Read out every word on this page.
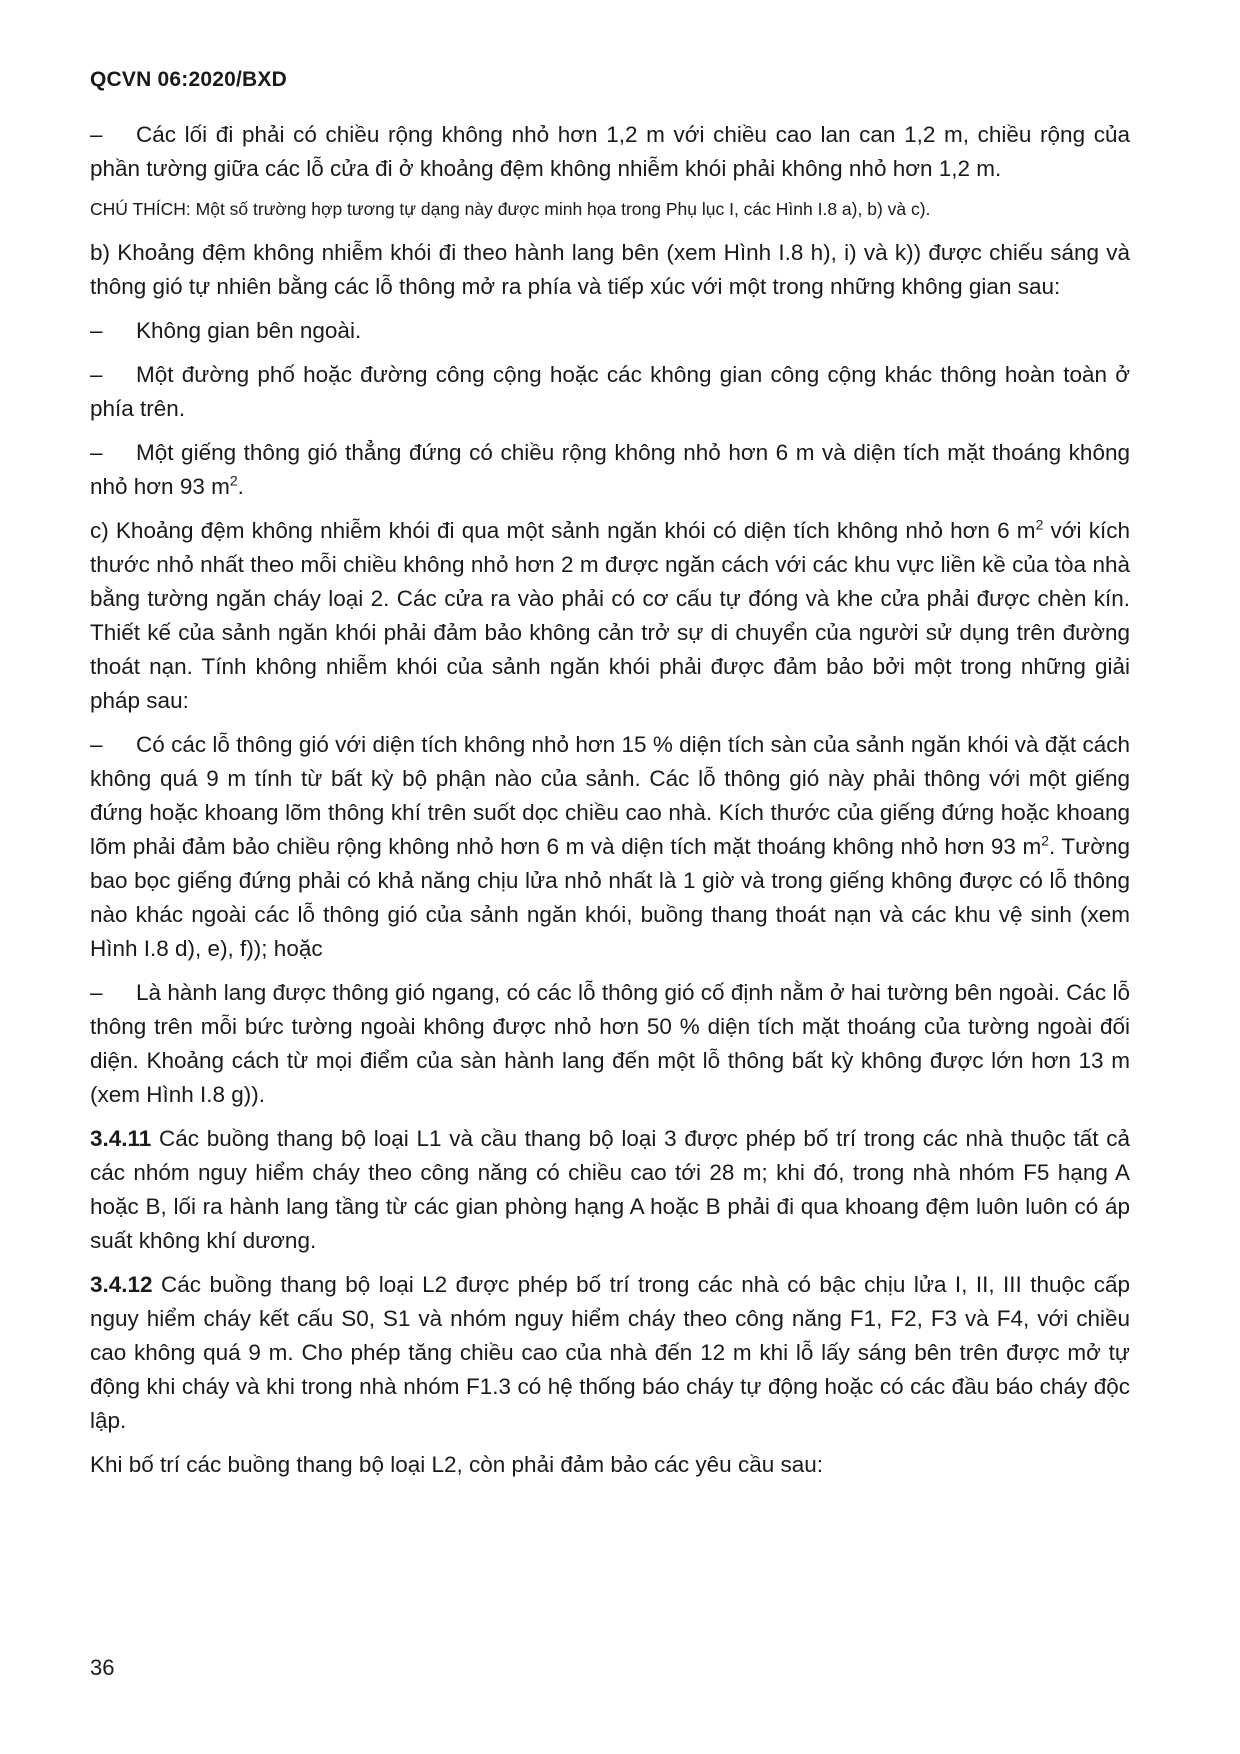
QCVN 06:2020/BXD

– Các lối đi phải có chiều rộng không nhỏ hơn 1,2 m với chiều cao lan can 1,2 m, chiều rộng của phần tường giữa các lỗ cửa đi ở khoảng đệm không nhiễm khói phải không nhỏ hơn 1,2 m.

CHÚ THÍCH: Một số trường hợp tương tự dạng này được minh họa trong Phụ lục I, các Hình I.8 a), b) và c).

b) Khoảng đệm không nhiễm khói đi theo hành lang bên (xem Hình I.8 h), i) và k)) được chiếu sáng và thông gió tự nhiên bằng các lỗ thông mở ra phía và tiếp xúc với một trong những không gian sau:

– Không gian bên ngoài.

– Một đường phố hoặc đường công cộng hoặc các không gian công cộng khác thông hoàn toàn ở phía trên.

– Một giếng thông gió thẳng đứng có chiều rộng không nhỏ hơn 6 m và diện tích mặt thoáng không nhỏ hơn 93 $m^2$.

c) Khoảng đệm không nhiễm khói đi qua một sảnh ngăn khói có diện tích không nhỏ hơn 6 $m^2$ với kích thước nhỏ nhất theo mỗi chiều không nhỏ hơn 2 m được ngăn cách với các khu vực liền kề của tòa nhà bằng tường ngăn cháy loại 2. Các cửa ra vào phải có cơ cấu tự đóng và khe cửa phải được chèn kín. Thiết kế của sảnh ngăn khói phải đảm bảo không cản trở sự di chuyển của người sử dụng trên đường thoát nạn. Tính không nhiễm khói của sảnh ngăn khói phải được đảm bảo bởi một trong những giải pháp sau:

– Có các lỗ thông gió với diện tích không nhỏ hơn 15 % diện tích sàn của sảnh ngăn khói và đặt cách không quá 9 m tính từ bất kỳ bộ phận nào của sảnh. Các lỗ thông gió này phải thông với một giếng đứng hoặc khoang lõm thông khí trên suốt dọc chiều cao nhà. Kích thước của giếng đứng hoặc khoang lõm phải đảm bảo chiều rộng không nhỏ hơn 6 m và diện tích mặt thoáng không nhỏ hơn 93 $m^2$. Tường bao bọc giếng đứng phải có khả năng chịu lửa nhỏ nhất là 1 giờ và trong giếng không được có lỗ thông nào khác ngoài các lỗ thông gió của sảnh ngăn khói, buồng thang thoát nạn và các khu vệ sinh (xem Hình I.8 d), e), f)); hoặc

– Là hành lang được thông gió ngang, có các lỗ thông gió cố định nằm ở hai tường bên ngoài. Các lỗ thông trên mỗi bức tường ngoài không được nhỏ hơn 50 % diện tích mặt thoáng của tường ngoài đối diện. Khoảng cách từ mọi điểm của sàn hành lang đến một lỗ thông bất kỳ không được lớn hơn 13 m (xem Hình I.8 g)).

3.4.11 Các buồng thang bộ loại L1 và cầu thang bộ loại 3 được phép bố trí trong các nhà thuộc tất cả các nhóm nguy hiểm cháy theo công năng có chiều cao tới 28 m; khi đó, trong nhà nhóm F5 hạng A hoặc B, lối ra hành lang tầng từ các gian phòng hạng A hoặc B phải đi qua khoang đệm luôn luôn có áp suất không khí dương.

3.4.12 Các buồng thang bộ loại L2 được phép bố trí trong các nhà có bậc chịu lửa I, II, III thuộc cấp nguy hiểm cháy kết cấu S0, S1 và nhóm nguy hiểm cháy theo công năng F1, F2, F3 và F4, với chiều cao không quá 9 m. Cho phép tăng chiều cao của nhà đến 12 m khi lỗ lấy sáng bên trên được mở tự động khi cháy và khi trong nhà nhóm F1.3 có hệ thống báo cháy tự động hoặc có các đầu báo cháy độc lập.

Khi bố trí các buồng thang bộ loại L2, còn phải đảm bảo các yêu cầu sau:

36
